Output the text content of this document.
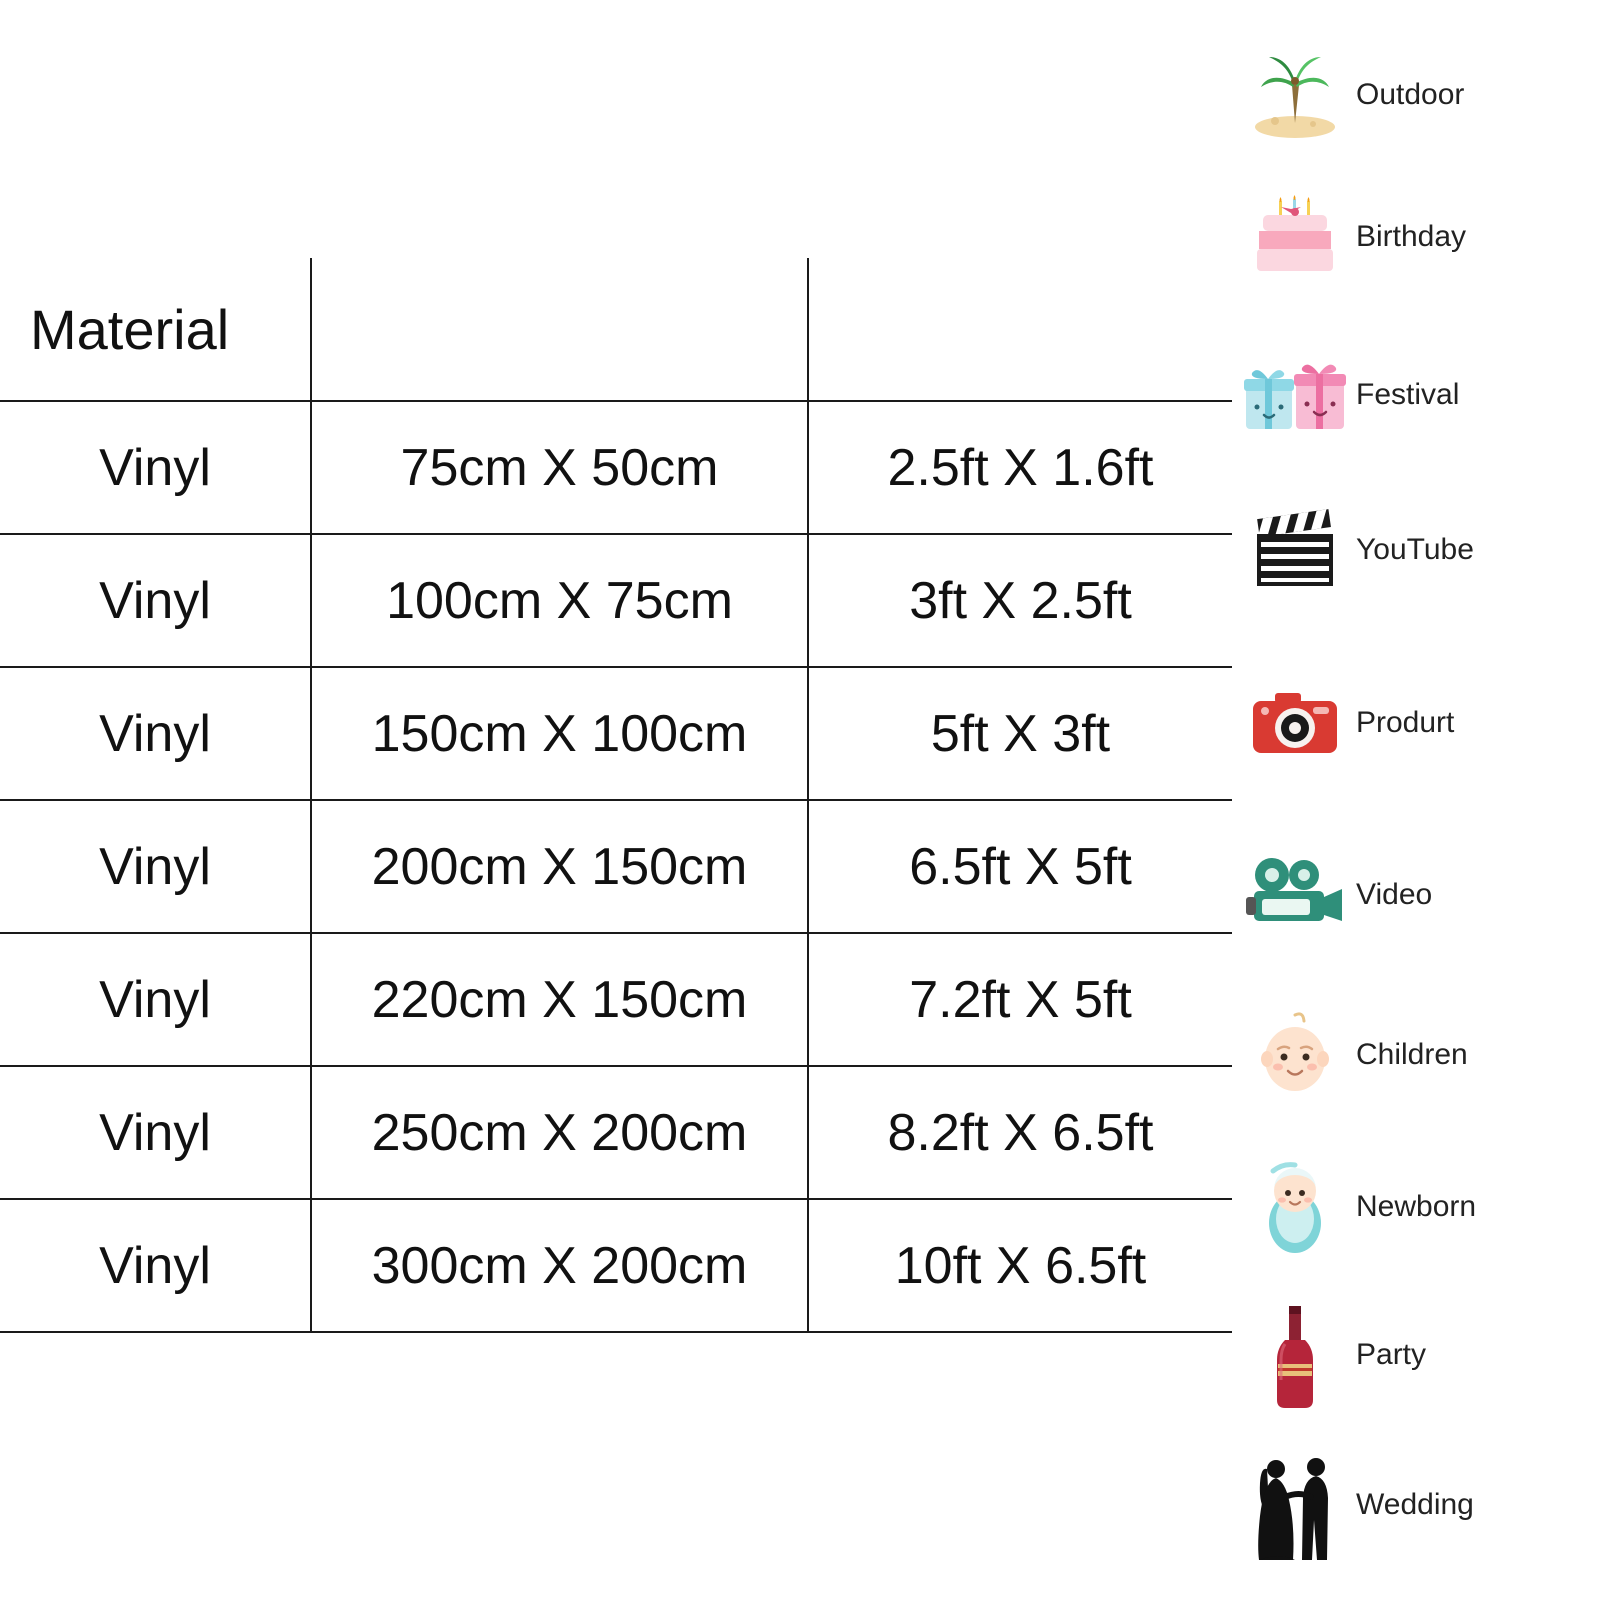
Material		

Vinyl	75cm X 50cm	2.5ft X 1.6ft

Vinyl	100cm X 75cm	3ft X 2.5ft

Vinyl	150cm X 100cm	5ft X 3ft

Vinyl	200cm X 150cm	6.5ft X 5ft

Vinyl	220cm X 150cm	7.2ft X 5ft

Vinyl	250cm X 200cm	8.2ft X 6.5ft

Vinyl	300cm X 200cm	10ft X 6.5ft
Outdoor
Birthday
Festival
YouTube
Produrt
Video
Children
Newborn
Party
Wedding
